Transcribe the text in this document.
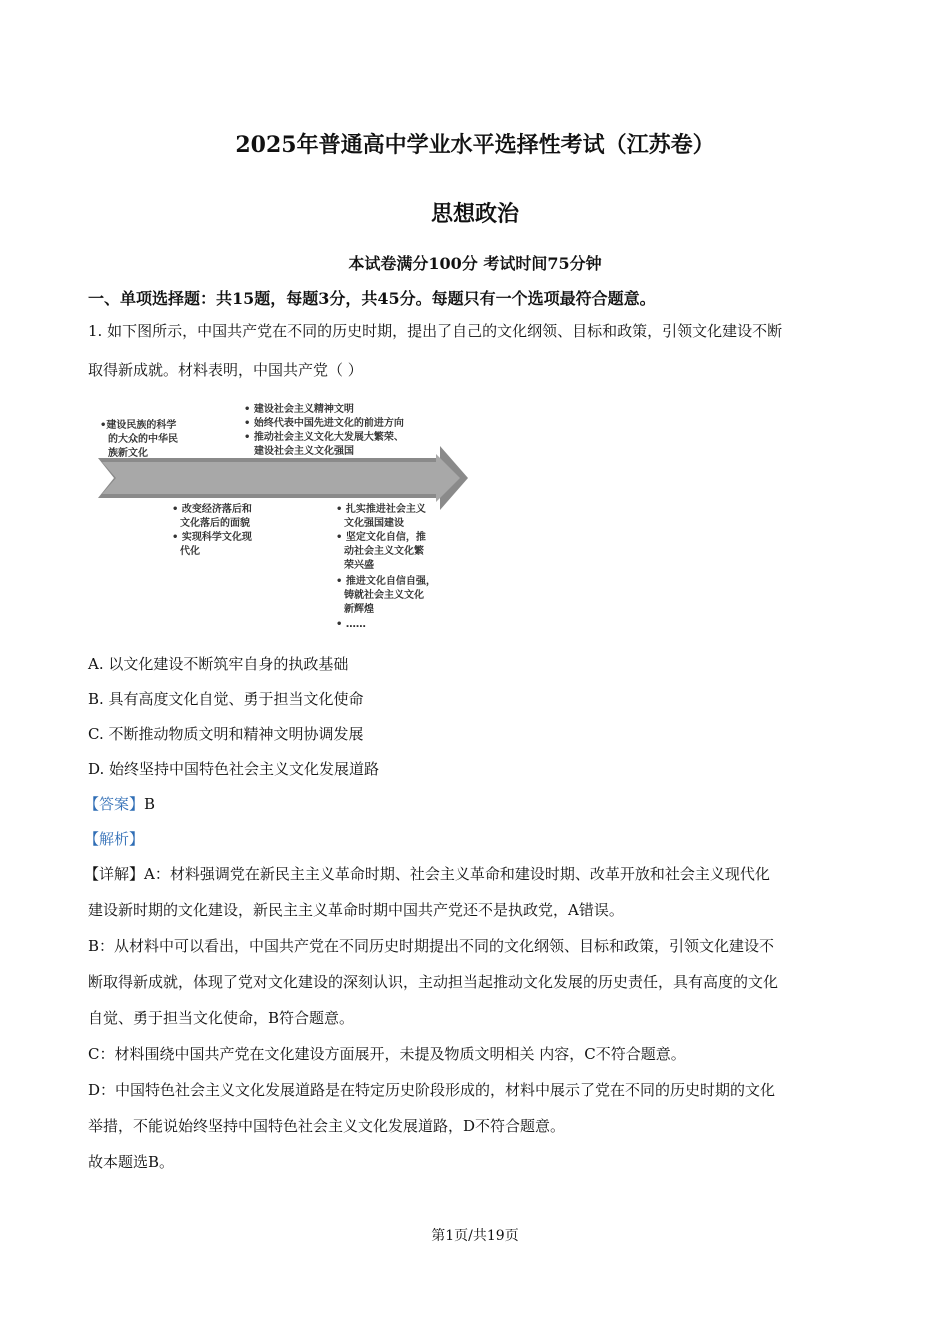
2025年普通高中学业水平选择性考试（江苏卷）
思想政治
本试卷满分100分 考试时间75分钟
一、单项选择题：共15题，每题3分，共45分。每题只有一个选项最符合题意。
1. 如下图所示，中国共产党在不同的历史时期，提出了自己的文化纲领、目标和政策，引领文化建设不断
取得新成就。材料表明，中国共产党（ ）
•建设民族的科学
的大众的中华民
族新文化
• 建设社会主义精神文明
• 始终代表中国先进文化的前进方向
• 推动社会主义文化大发展大繁荣、
建设社会主义文化强国
• 改变经济落后和
文化落后的面貌
• 实现科学文化现
代化
• 扎实推进社会主义
文化强国建设
• 坚定文化自信，推
动社会主义文化繁
荣兴盛
• 推进文化自信自强，
铸就社会主义文化
新辉煌
• ……
A. 以文化建设不断筑牢自身的执政基础
B. 具有高度文化自觉、勇于担当文化使命
C. 不断推动物质文明和精神文明协调发展
D. 始终坚持中国特色社会主义文化发展道路
【答案】B
【解析】
【详解】A：材料强调党在新民主主义革命时期、社会主义革命和建设时期、改革开放和社会主义现代化
建设新时期的文化建设，新民主主义革命时期中国共产党还不是执政党，A错误。
B：从材料中可以看出，中国共产党在不同历史时期提出不同的文化纲领、目标和政策，引领文化建设不
断取得新成就，体现了党对文化建设的深刻认识，主动担当起推动文化发展的历史责任，具有高度的文化
自觉、勇于担当文化使命，B符合题意。
C：材料围绕中国共产党在文化建设方面展开，未提及物质文明相关 内容，C不符合题意。
D：中国特色社会主义文化发展道路是在特定历史阶段形成的，材料中展示了党在不同的历史时期的文化
举措，不能说始终坚持中国特色社会主义文化发展道路，D不符合题意。
故本题选B。
第1页/共19页
